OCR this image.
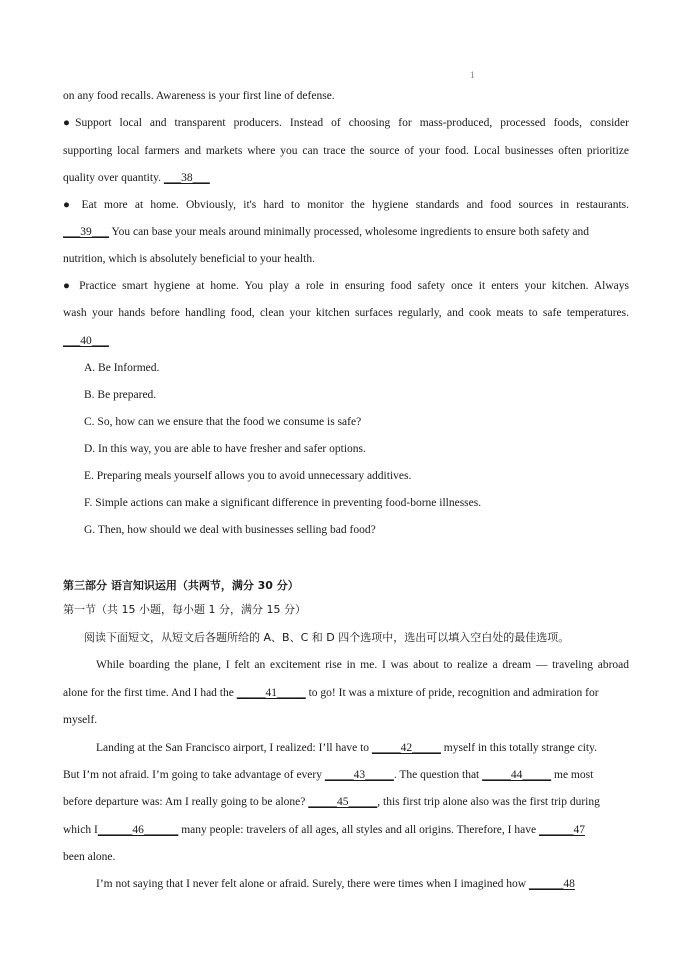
1
on any food recalls. Awareness is your first line of defense.
●Support local and transparent producers. Instead of choosing for mass-produced, processed foods, consider
supporting local farmers and markets where you can trace the source of your food. Local businesses often prioritize
quality over quantity. ___38___
● Eat more at home. Obviously, it's hard to monitor the hygiene standards and food sources in restaurants.
___39___ You can base your meals around minimally processed, wholesome ingredients to ensure both safety and
nutrition, which is absolutely beneficial to your health.
● Practice smart hygiene at home. You play a role in ensuring food safety once it enters your kitchen. Always
wash your hands before handling food, clean your kitchen surfaces regularly, and cook meats to safe temperatures.
___40___
A. Be Informed.
B. Be prepared.
C. So, how can we ensure that the food we consume is safe?
D. In this way, you are able to have fresher and safer options.
E. Preparing meals yourself allows you to avoid unnecessary additives.
F. Simple actions can make a significant difference in preventing food-borne illnesses.
G. Then, how should we deal with businesses selling bad food?
第三部分 语言知识运用（共两节，满分 30 分）
第一节（共 15 小题，每小题 1 分，满分 15 分）
阅读下面短文，从短文后各题所给的 A、B、C 和 D 四个选项中，选出可以填入空白处的最佳选项。
While boarding the plane, I felt an excitement rise in me. I was about to realize a dream — traveling abroad
alone for the first time. And I had the _____41_____ to go! It was a mixture of pride, recognition and admiration for
myself.
Landing at the San Francisco airport, I realized: I’ll have to _____42_____ myself in this totally strange city.
But I’m not afraid. I’m going to take advantage of every _____43_____. The question that _____44_____ me most
before departure was: Am I really going to be alone? _____45_____, this first trip alone also was the first trip during
which I______46______ many people: travelers of all ages, all styles and all origins. Therefore, I have ______47
been alone.
I’m not saying that I never felt alone or afraid. Surely, there were times when I imagined how ______48
